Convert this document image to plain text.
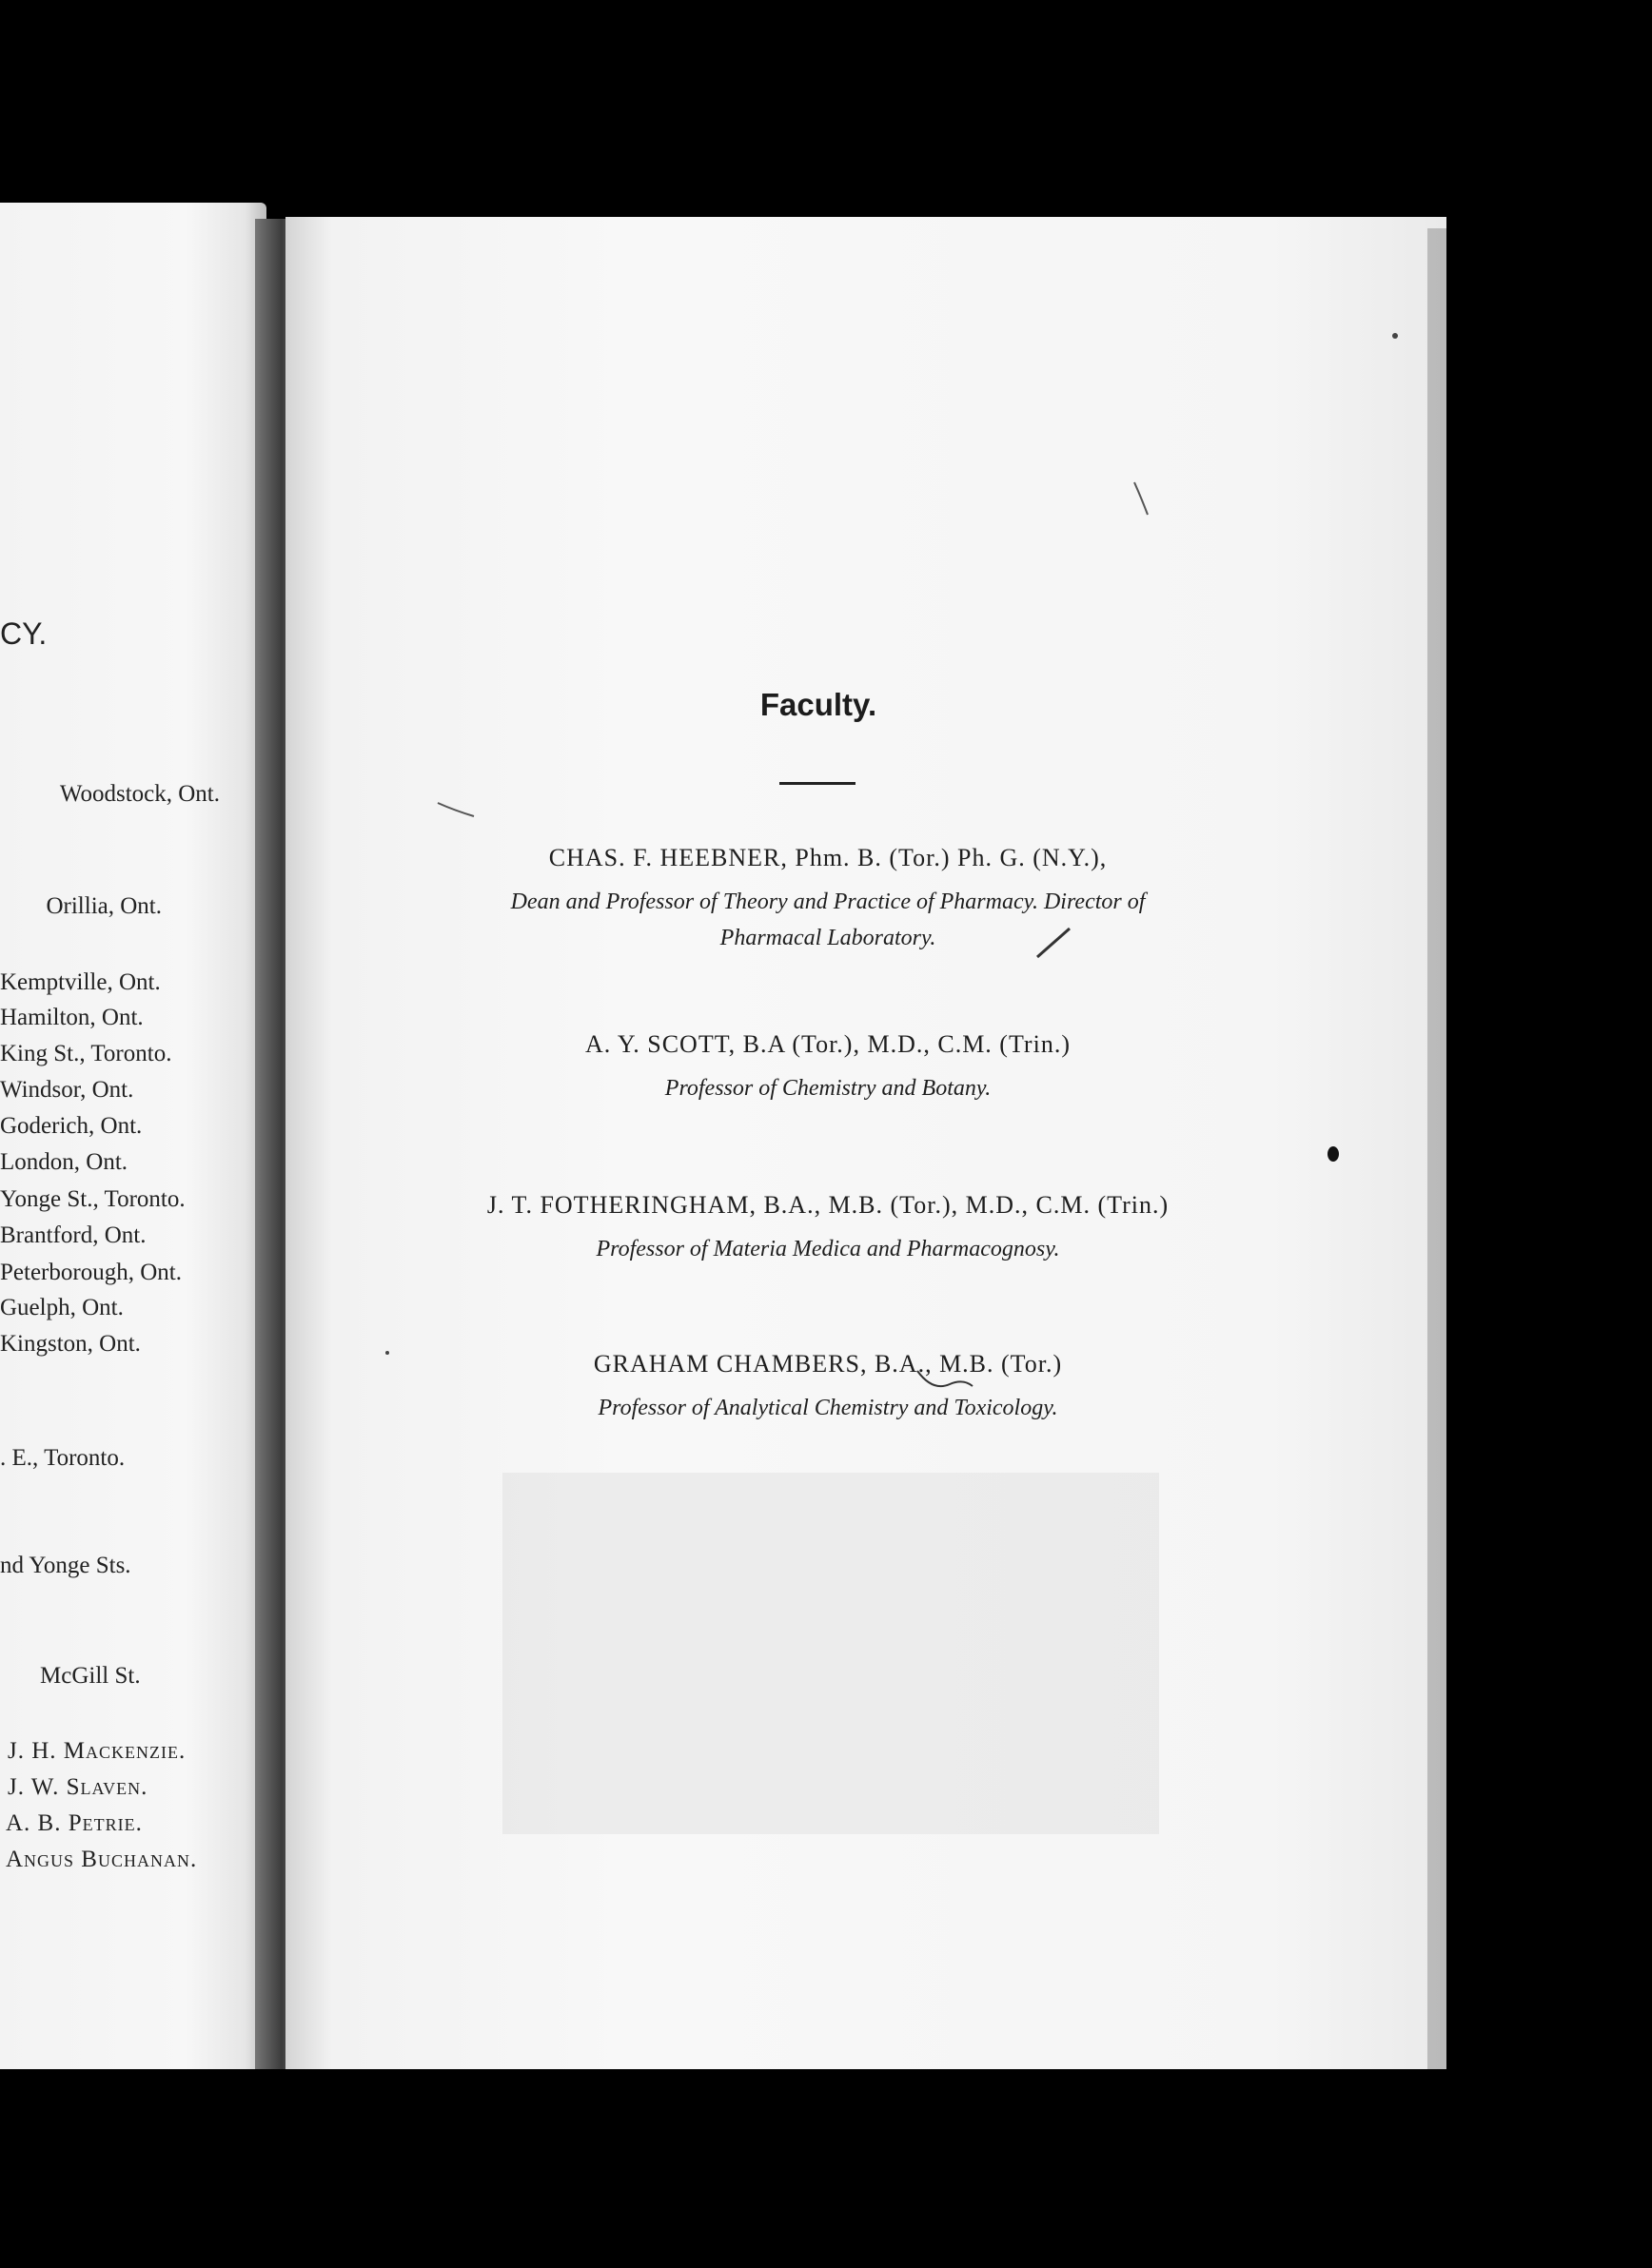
CY.
Woodstock, Ont.
Orillia, Ont.
Kemptville, Ont.
Hamilton, Ont.
King St., Toronto.
Windsor, Ont.
Goderich, Ont.
London, Ont.
Yonge St., Toronto.
Brantford, Ont.
Peterborough, Ont.
Guelph, Ont.
Kingston, Ont.
. E., Toronto.
nd Yonge Sts.
McGill St.
J. H. Mackenzie.
J. W. Slaven.
A. B. Petrie.
Angus Buchanan.
Faculty.
CHAS. F. HEEBNER, Phm. B. (Tor.) Ph. G. (N.Y.),
Dean and Professor of Theory and Practice of Pharmacy. Director of
Pharmacal Laboratory.
A. Y. SCOTT, B.A (Tor.), M.D., C.M. (Trin.)
Professor of Chemistry and Botany.
J. T. FOTHERINGHAM, B.A., M.B. (Tor.), M.D., C.M. (Trin.)
Professor of Materia Medica and Pharmacognosy.
GRAHAM CHAMBERS, B.A., M.B. (Tor.)
Professor of Analytical Chemistry and Toxicology.
